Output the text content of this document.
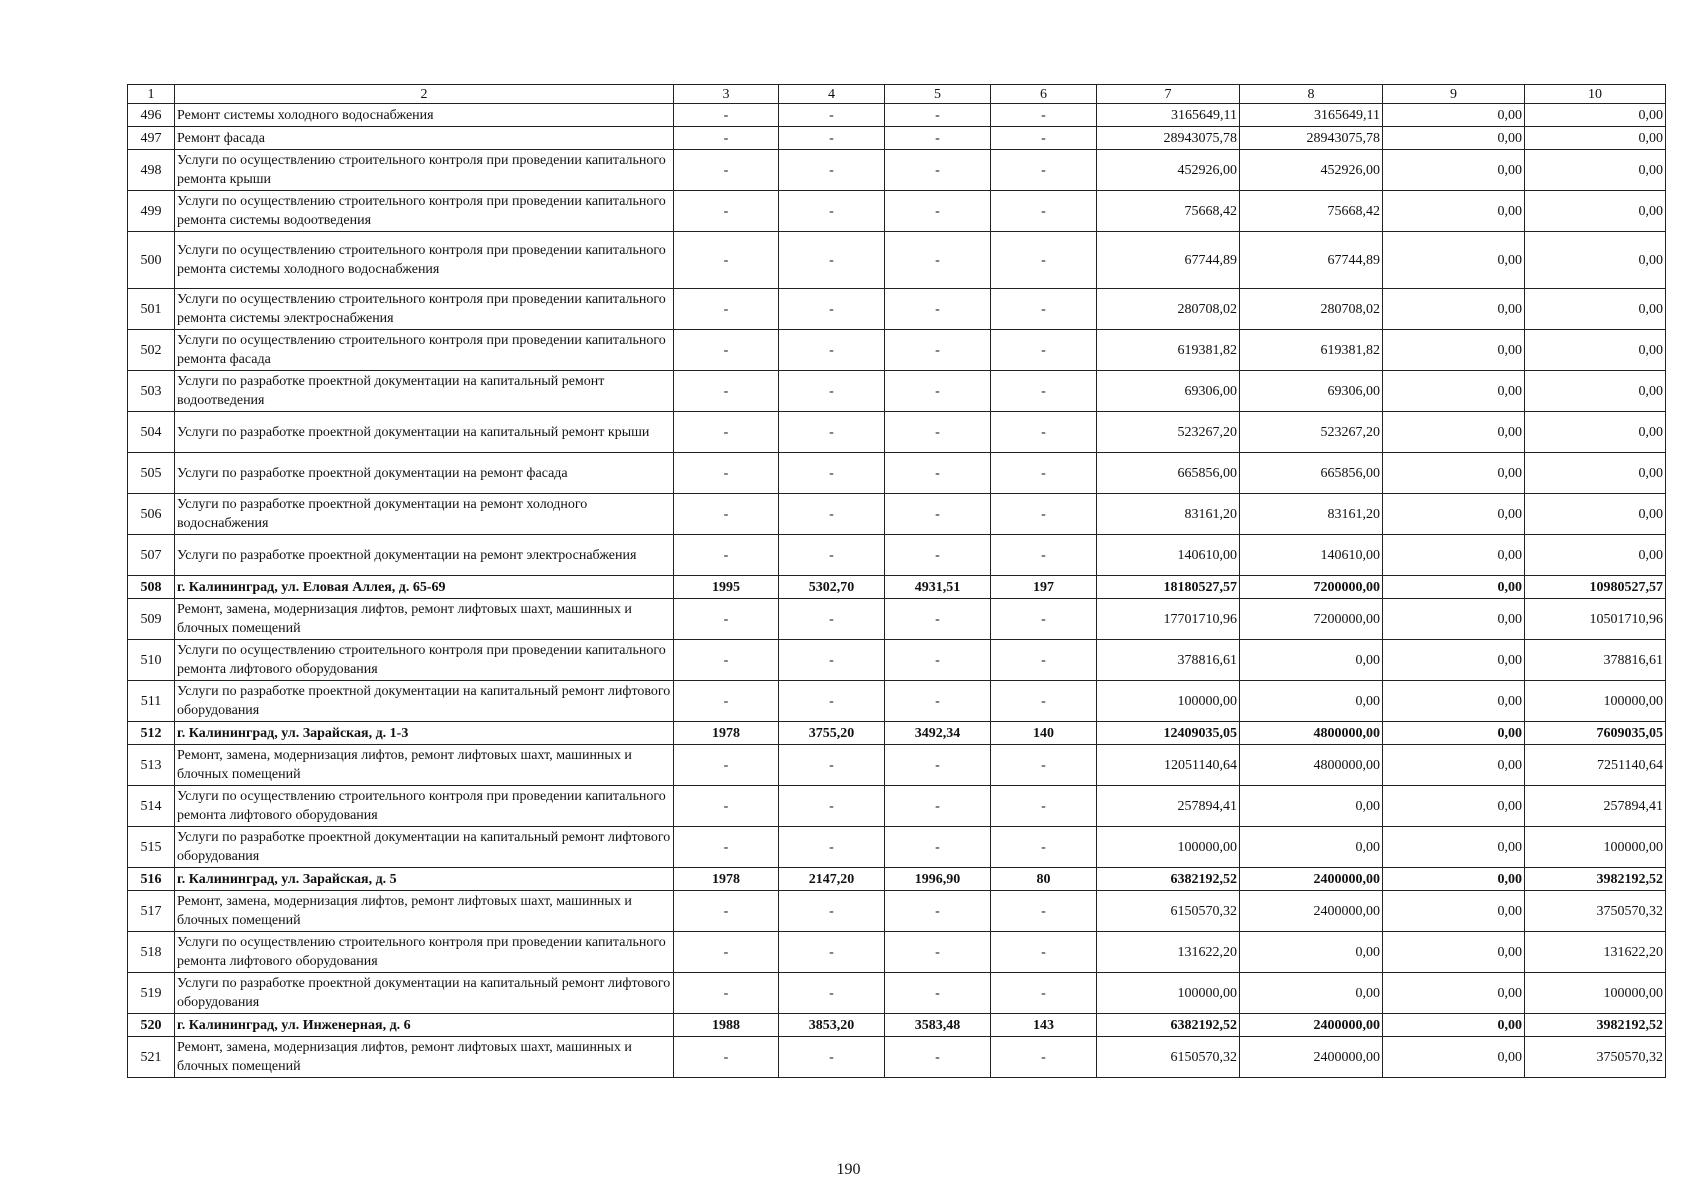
1	2	3	4	5	6	7	8	9	10
496	Ремонт системы холодного водоснабжения	-	-	-	-	3165649,11	3165649,11	0,00	0,00
497	Ремонт фасада	-	-	-	-	28943075,78	28943075,78	0,00	0,00
498	Услуги по осуществлению строительного контроля при проведении капитального ремонта крыши	-	-	-	-	452926,00	452926,00	0,00	0,00
499	Услуги по осуществлению строительного контроля при проведении капитального ремонта системы водоотведения	-	-	-	-	75668,42	75668,42	0,00	0,00
500	Услуги по осуществлению строительного контроля при проведении капитального ремонта системы холодного водоснабжения	-	-	-	-	67744,89	67744,89	0,00	0,00
501	Услуги по осуществлению строительного контроля при проведении капитального ремонта системы электроснабжения	-	-	-	-	280708,02	280708,02	0,00	0,00
502	Услуги по осуществлению строительного контроля при проведении капитального ремонта фасада	-	-	-	-	619381,82	619381,82	0,00	0,00
503	Услуги по разработке проектной документации на капитальный ремонт водоотведения	-	-	-	-	69306,00	69306,00	0,00	0,00
504	Услуги по разработке проектной документации на капитальный ремонт крыши	-	-	-	-	523267,20	523267,20	0,00	0,00
505	Услуги по разработке проектной документации на ремонт фасада	-	-	-	-	665856,00	665856,00	0,00	0,00
506	Услуги по разработке проектной документации на ремонт холодного водоснабжения	-	-	-	-	83161,20	83161,20	0,00	0,00
507	Услуги по разработке проектной документации на ремонт электроснабжения	-	-	-	-	140610,00	140610,00	0,00	0,00
508	г. Калининград, ул. Еловая Аллея, д. 65-69	1995	5302,70	4931,51	197	18180527,57	7200000,00	0,00	10980527,57
509	Ремонт, замена, модернизация лифтов, ремонт лифтовых шахт, машинных и блочных помещений	-	-	-	-	17701710,96	7200000,00	0,00	10501710,96
510	Услуги по осуществлению строительного контроля при проведении капитального ремонта лифтового оборудования	-	-	-	-	378816,61	0,00	0,00	378816,61
511	Услуги по разработке проектной документации на капитальный ремонт лифтового оборудования	-	-	-	-	100000,00	0,00	0,00	100000,00
512	г. Калининград, ул. Зарайская, д. 1-3	1978	3755,20	3492,34	140	12409035,05	4800000,00	0,00	7609035,05
513	Ремонт, замена, модернизация лифтов, ремонт лифтовых шахт, машинных и блочных помещений	-	-	-	-	12051140,64	4800000,00	0,00	7251140,64
514	Услуги по осуществлению строительного контроля при проведении капитального ремонта лифтового оборудования	-	-	-	-	257894,41	0,00	0,00	257894,41
515	Услуги по разработке проектной документации на капитальный ремонт лифтового оборудования	-	-	-	-	100000,00	0,00	0,00	100000,00
516	г. Калининград, ул. Зарайская, д. 5	1978	2147,20	1996,90	80	6382192,52	2400000,00	0,00	3982192,52
517	Ремонт, замена, модернизация лифтов, ремонт лифтовых шахт, машинных и блочных помещений	-	-	-	-	6150570,32	2400000,00	0,00	3750570,32
518	Услуги по осуществлению строительного контроля при проведении капитального ремонта лифтового оборудования	-	-	-	-	131622,20	0,00	0,00	131622,20
519	Услуги по разработке проектной документации на капитальный ремонт лифтового оборудования	-	-	-	-	100000,00	0,00	0,00	100000,00
520	г. Калининград, ул. Инженерная, д. 6	1988	3853,20	3583,48	143	6382192,52	2400000,00	0,00	3982192,52
521	Ремонт, замена, модернизация лифтов, ремонт лифтовых шахт, машинных и блочных помещений	-	-	-	-	6150570,32	2400000,00	0,00	3750570,32
190
